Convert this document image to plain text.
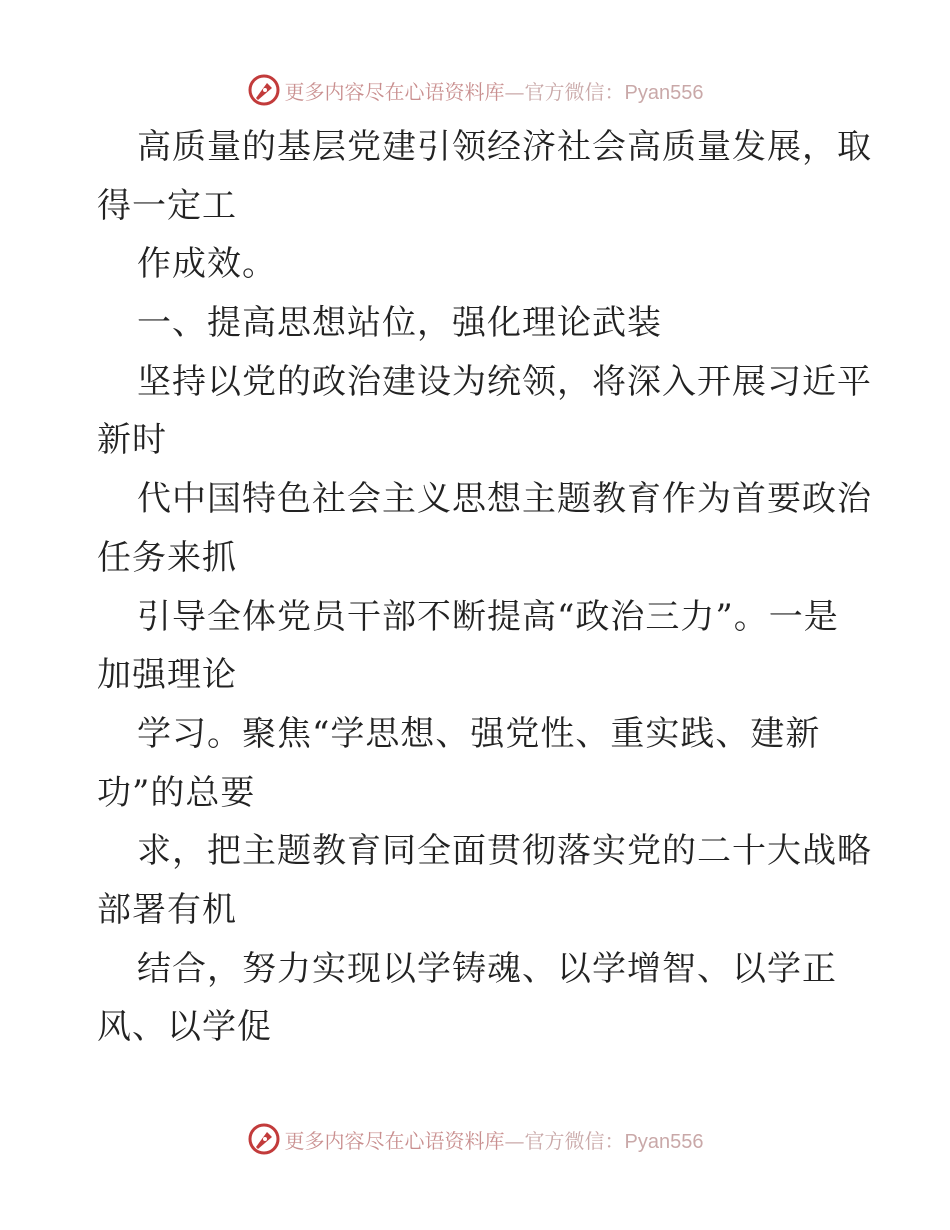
更多内容尽在心语资料库—官方微信：Pyan556
高质量的基层党建引领经济社会高质量发展，取
得一定工
作成效。
一、提高思想站位，强化理论武装
坚持以党的政治建设为统领，将深入开展习近平
新时
代中国特色社会主义思想主题教育作为首要政治
任务来抓
引导全体党员干部不断提高“政治三力”。一是
加强理论
学习。聚焦“学思想、强党性、重实践、建新
功”的总要
求，把主题教育同全面贯彻落实党的二十大战略
部署有机
结合，努力实现以学铸魂、以学增智、以学正
风、以学促
更多内容尽在心语资料库—官方微信：Pyan556
